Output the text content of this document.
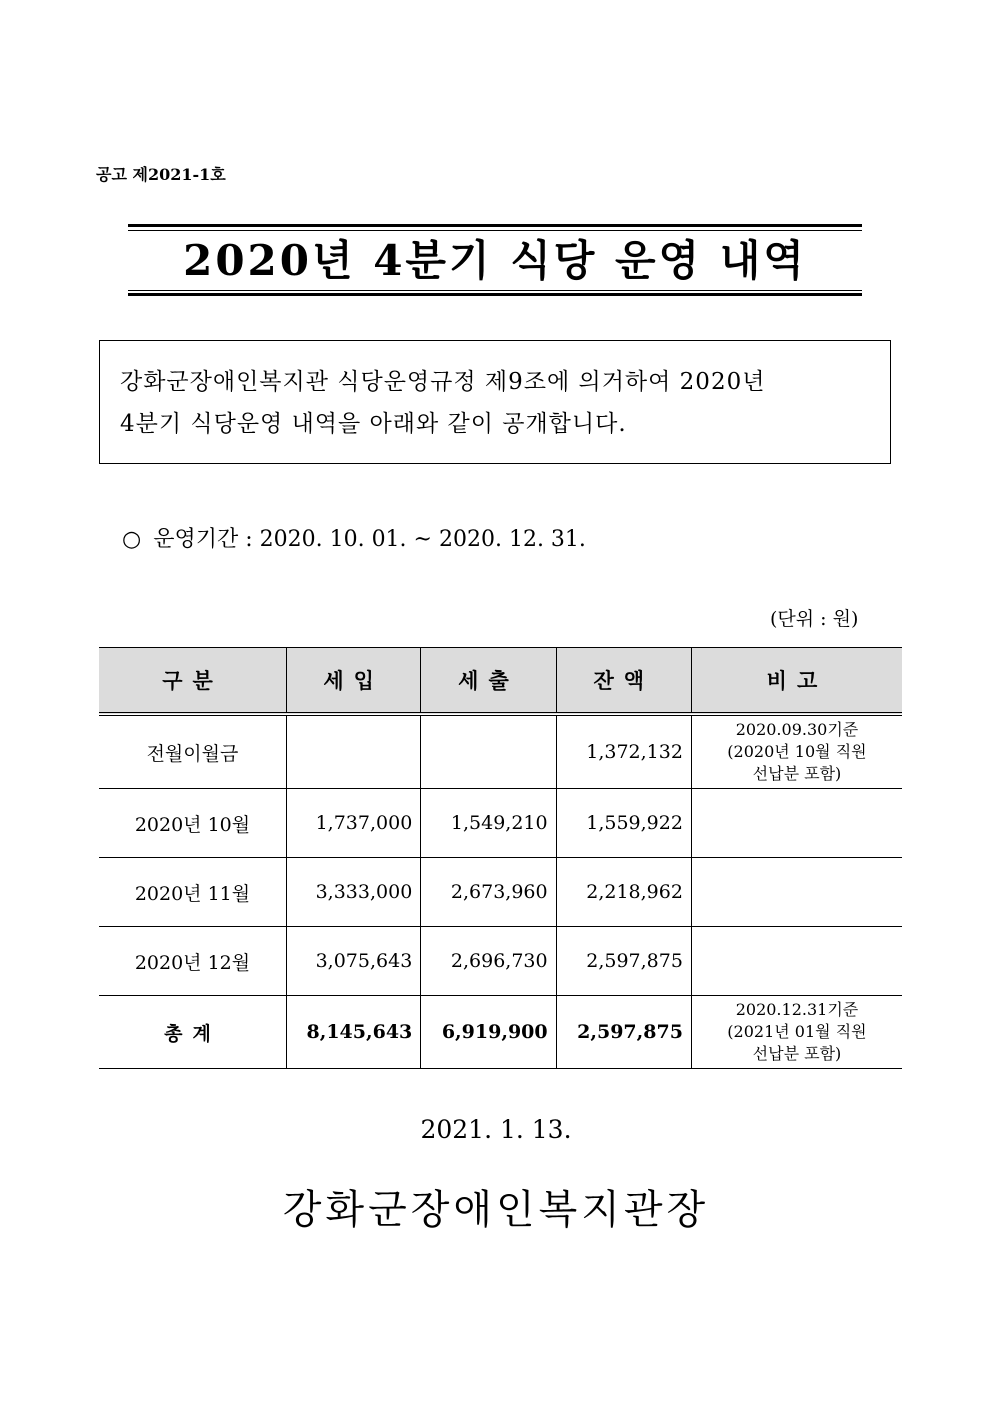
공고 제2021-1호
2020년 4분기 식당 운영 내역
강화군장애인복지관 식당운영규정 제9조에 의거하여 2020년
4분기 식당운영 내역을 아래와 같이 공개합니다.
○ 운영기간 : 2020. 10. 01. ~ 2020. 12. 31.
(단위 : 원)
구분	세입	세출	잔액	비고
전월이월금			1,372,132	2020.09.30기준
(2020년 10월 직원
선납분 포함)

2020년 10월	1,737,000	1,549,210	1,559,922	
2020년 11월	3,333,000	2,673,960	2,218,962	
2020년 12월	3,075,643	2,696,730	2,597,875	
총계	8,145,643	6,919,900	2,597,875	2020.12.31기준
(2021년 01월 직원
선납분 포함)
2021. 1. 13.
강화군장애인복지관장
